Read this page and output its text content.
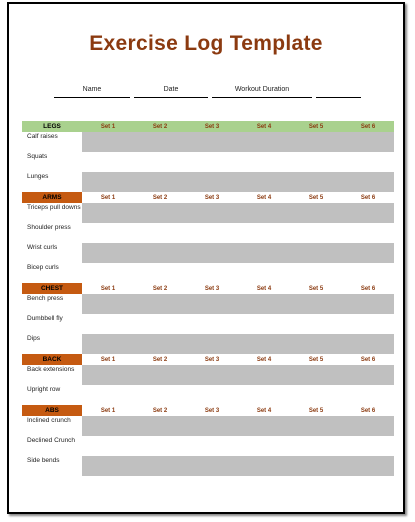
Exercise Log Template
Name	Date	Workout Duration
LEGS	Set 1	Set 2	Set 3	Set 4	Set 5	Set 6
Calf raises
Squats
Lunges
ARMS	Set 1	Set 2	Set 3	Set 4	Set 5	Set 6
Triceps pull downs
Shoulder press
Wrist curls
Bicep curls
CHEST	Set 1	Set 2	Set 3	Set 4	Set 5	Set 6
Bench press
Dumbbell fly
Dips
BACK	Set 1	Set 2	Set 3	Set 4	Set 5	Set 6
Back extensions
Upright row
ABS	Set 1	Set 2	Set 3	Set 4	Set 5	Set 6
Inclined crunch
Declined Crunch
Side bends
